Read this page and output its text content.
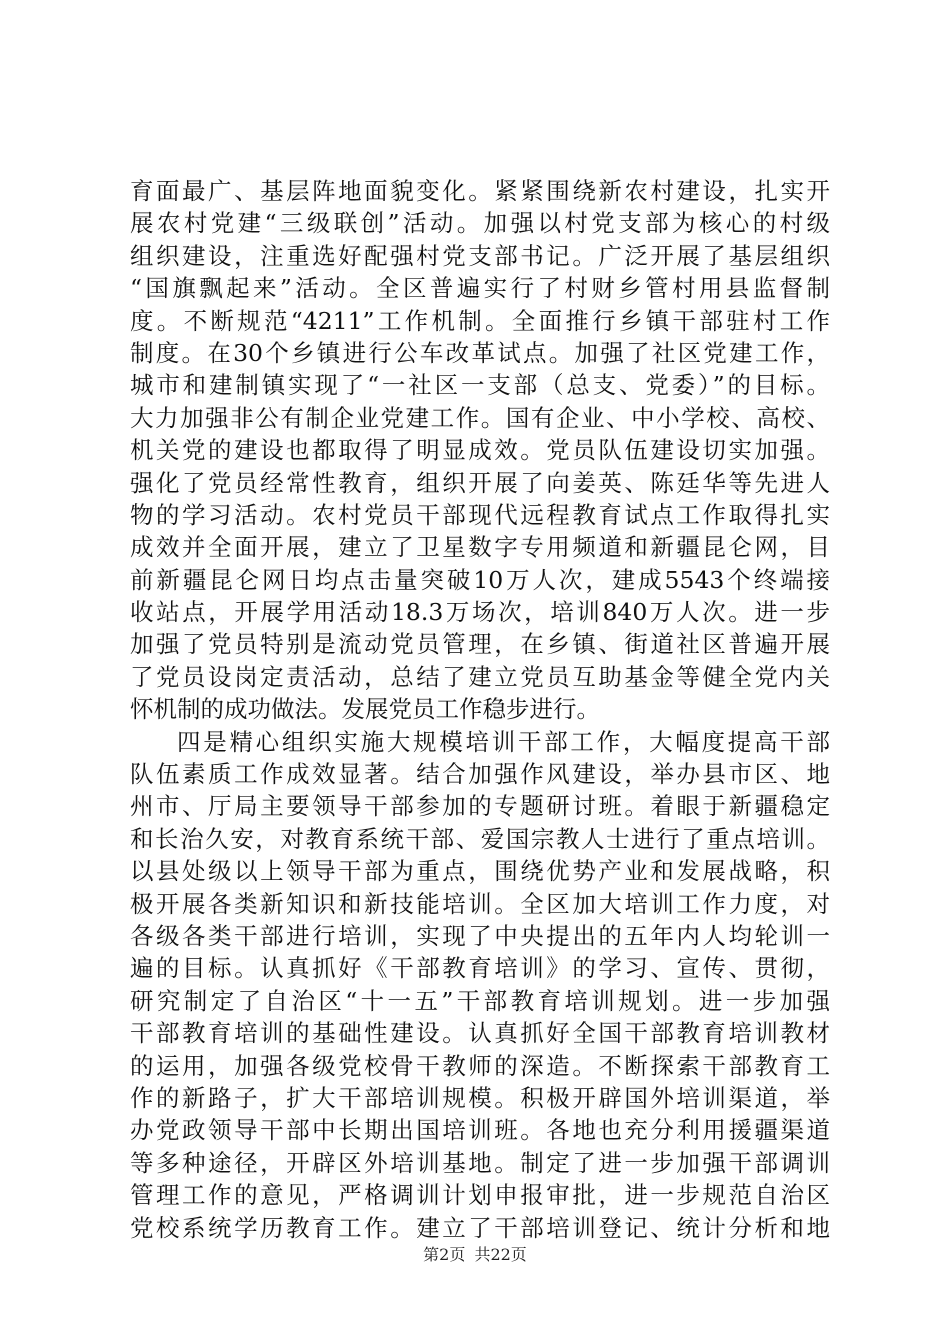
育面最广、基层阵地面貌变化。紧紧围绕新农村建设，扎实开
展农村党建“三级联创”活动。加强以村党支部为核心的村级
组织建设，注重选好配强村党支部书记。广泛开展了基层组织
“国旗飘起来”活动。全区普遍实行了村财乡管村用县监督制
度。不断规范“4211”工作机制。全面推行乡镇干部驻村工作
制度。在30个乡镇进行公车改革试点。加强了社区党建工作，
城市和建制镇实现了“一社区一支部（总支、党委）”的目标。
大力加强非公有制企业党建工作。国有企业、中小学校、高校、
机关党的建设也都取得了明显成效。党员队伍建设切实加强。
强化了党员经常性教育，组织开展了向姜英、陈廷华等先进人
物的学习活动。农村党员干部现代远程教育试点工作取得扎实
成效并全面开展，建立了卫星数字专用频道和新疆昆仑网，目
前新疆昆仑网日均点击量突破10万人次，建成5543个终端接
收站点，开展学用活动18.3万场次，培训840万人次。进一步
加强了党员特别是流动党员管理，在乡镇、街道社区普遍开展
了党员设岗定责活动，总结了建立党员互助基金等健全党内关
怀机制的成功做法。发展党员工作稳步进行。
四是精心组织实施大规模培训干部工作，大幅度提高干部
队伍素质工作成效显著。结合加强作风建设，举办县市区、地
州市、厅局主要领导干部参加的专题研讨班。着眼于新疆稳定
和长治久安，对教育系统干部、爱国宗教人士进行了重点培训。
以县处级以上领导干部为重点，围绕优势产业和发展战略，积
极开展各类新知识和新技能培训。全区加大培训工作力度，对
各级各类干部进行培训，实现了中央提出的五年内人均轮训一
遍的目标。认真抓好《干部教育培训》的学习、宣传、贯彻，
研究制定了自治区“十一五”干部教育培训规划。进一步加强
干部教育培训的基础性建设。认真抓好全国干部教育培训教材
的运用，加强各级党校骨干教师的深造。不断探索干部教育工
作的新路子，扩大干部培训规模。积极开辟国外培训渠道，举
办党政领导干部中长期出国培训班。各地也充分利用援疆渠道
等多种途径，开辟区外培训基地。制定了进一步加强干部调训
管理工作的意见，严格调训计划申报审批，进一步规范自治区
党校系统学历教育工作。建立了干部培训登记、统计分析和地
第2页 共22页
